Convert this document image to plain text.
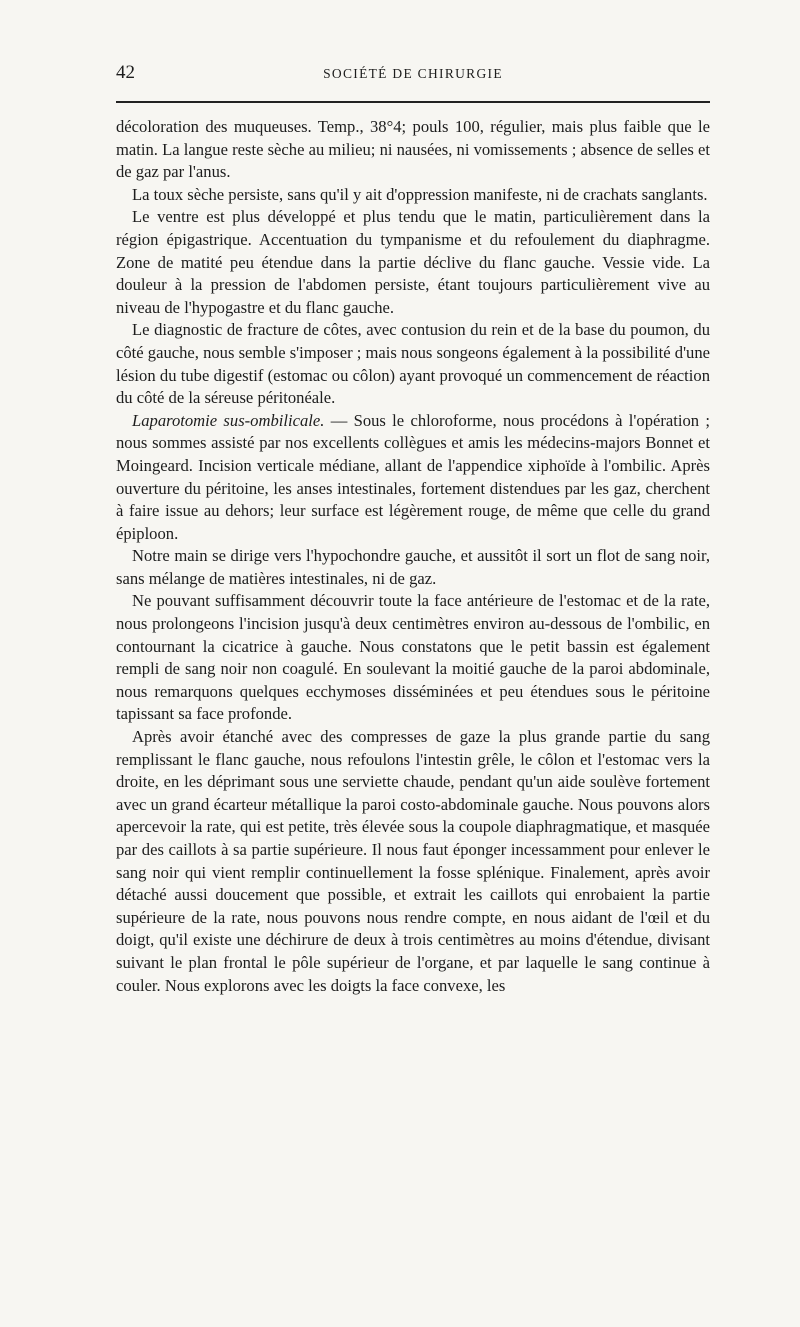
42	SOCIÉTÉ DE CHIRURGIE

décoloration des muqueuses. Temp., 38°4; pouls 100, régulier, mais plus faible que le matin. La langue reste sèche au milieu; ni nausées, ni vomissements ; absence de selles et de gaz par l'anus.

La toux sèche persiste, sans qu'il y ait d'oppression manifeste, ni de crachats sanglants.

Le ventre est plus développé et plus tendu que le matin, particulièrement dans la région épigastrique. Accentuation du tympanisme et du refoulement du diaphragme. Zone de matité peu étendue dans la partie déclive du flanc gauche. Vessie vide. La douleur à la pression de l'abdomen persiste, étant toujours particulièrement vive au niveau de l'hypogastre et du flanc gauche.

Le diagnostic de fracture de côtes, avec contusion du rein et de la base du poumon, du côté gauche, nous semble s'imposer ; mais nous songeons également à la possibilité d'une lésion du tube digestif (estomac ou côlon) ayant provoqué un commencement de réaction du côté de la séreuse péritonéale.

Laparotomie sus-ombilicale. — Sous le chloroforme, nous procédons à l'opération ; nous sommes assisté par nos excellents collègues et amis les médecins-majors Bonnet et Moingeard. Incision verticale médiane, allant de l'appendice xiphoïde à l'ombilic. Après ouverture du péritoine, les anses intestinales, fortement distendues par les gaz, cherchent à faire issue au dehors; leur surface est légèrement rouge, de même que celle du grand épiploon.

Notre main se dirige vers l'hypochondre gauche, et aussitôt il sort un flot de sang noir, sans mélange de matières intestinales, ni de gaz.

Ne pouvant suffisamment découvrir toute la face antérieure de l'estomac et de la rate, nous prolongeons l'incision jusqu'à deux centimètres environ au-dessous de l'ombilic, en contournant la cicatrice à gauche. Nous constatons que le petit bassin est également rempli de sang noir non coagulé. En soulevant la moitié gauche de la paroi abdominale, nous remarquons quelques ecchymoses disséminées et peu étendues sous le péritoine tapissant sa face profonde.

Après avoir étanché avec des compresses de gaze la plus grande partie du sang remplissant le flanc gauche, nous refoulons l'intestin grêle, le côlon et l'estomac vers la droite, en les déprimant sous une serviette chaude, pendant qu'un aide soulève fortement avec un grand écarteur métallique la paroi costo-abdominale gauche. Nous pouvons alors apercevoir la rate, qui est petite, très élevée sous la coupole diaphragmatique, et masquée par des caillots à sa partie supérieure. Il nous faut éponger incessamment pour enlever le sang noir qui vient remplir continuellement la fosse splénique. Finalement, après avoir détaché aussi doucement que possible, et extrait les caillots qui enrobaient la partie supérieure de la rate, nous pouvons nous rendre compte, en nous aidant de l'œil et du doigt, qu'il existe une déchirure de deux à trois centimètres au moins d'étendue, divisant suivant le plan frontal le pôle supérieur de l'organe, et par laquelle le sang continue à couler. Nous explorons avec les doigts la face convexe, les
